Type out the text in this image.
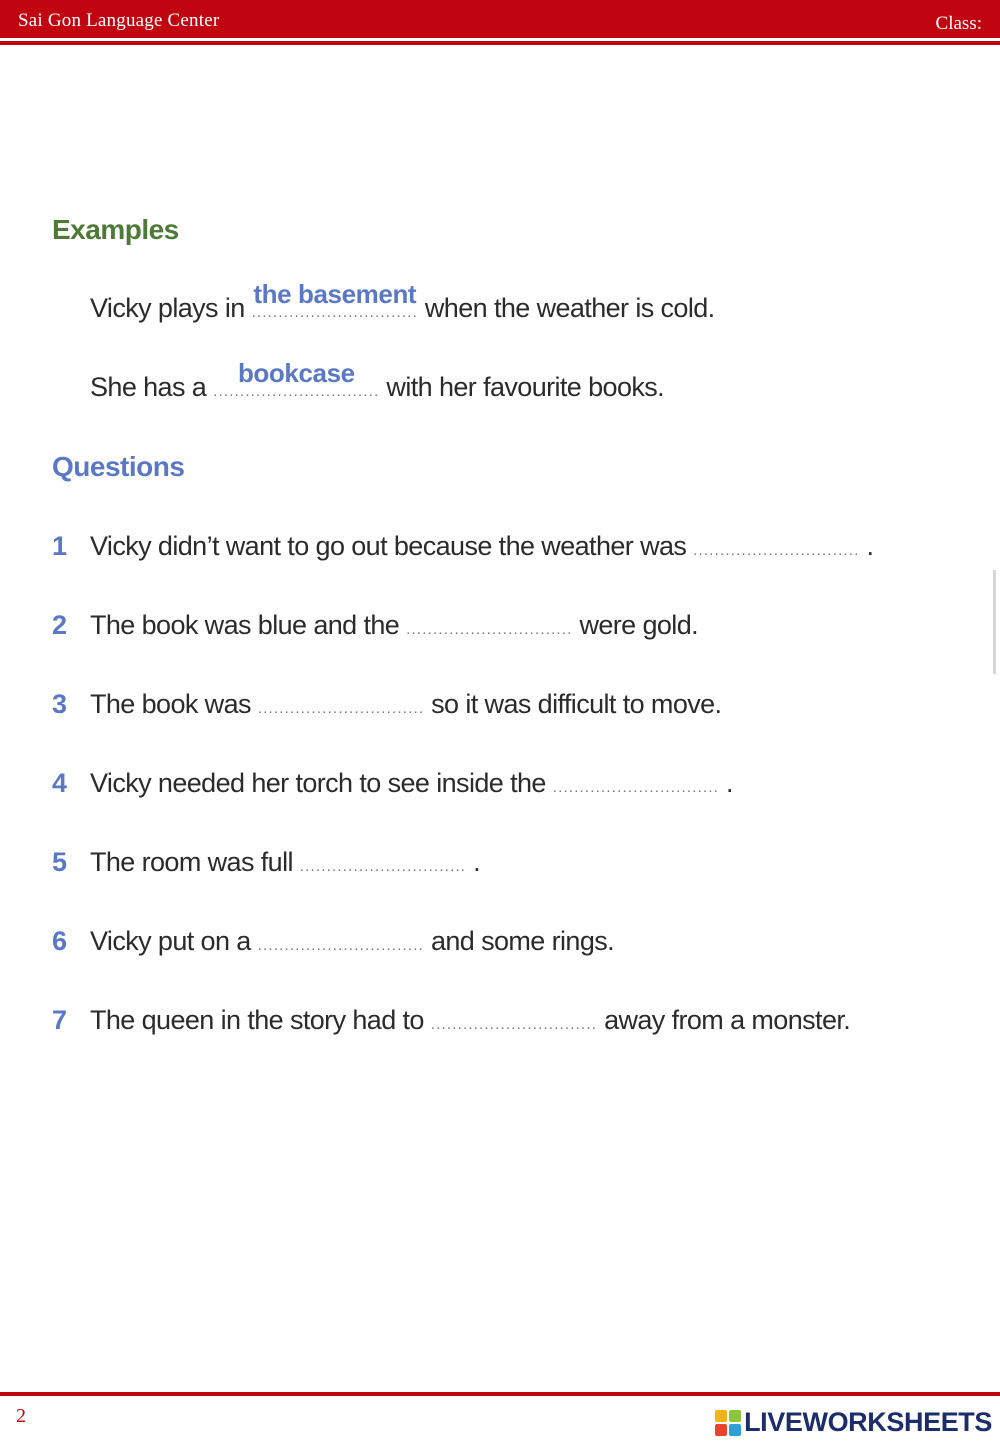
Sai Gon Language Center	Class:
Examples
Vicky plays in the basement
............................... when the weather is cold.
She has a bookcase
............................... with her favourite books.
Questions
1 Vicky didn’t want to go out because the weather was ............................... .
2 The book was blue and the ............................... were gold.
3 The book was ............................... so it was difficult to move.
4 Vicky needed her torch to see inside the ............................... .
5 The room was full ............................... .
6 Vicky put on a ............................... and some rings.
7 The queen in the story had to ............................... away from a monster.
2	LIVEWORKSHEETS
